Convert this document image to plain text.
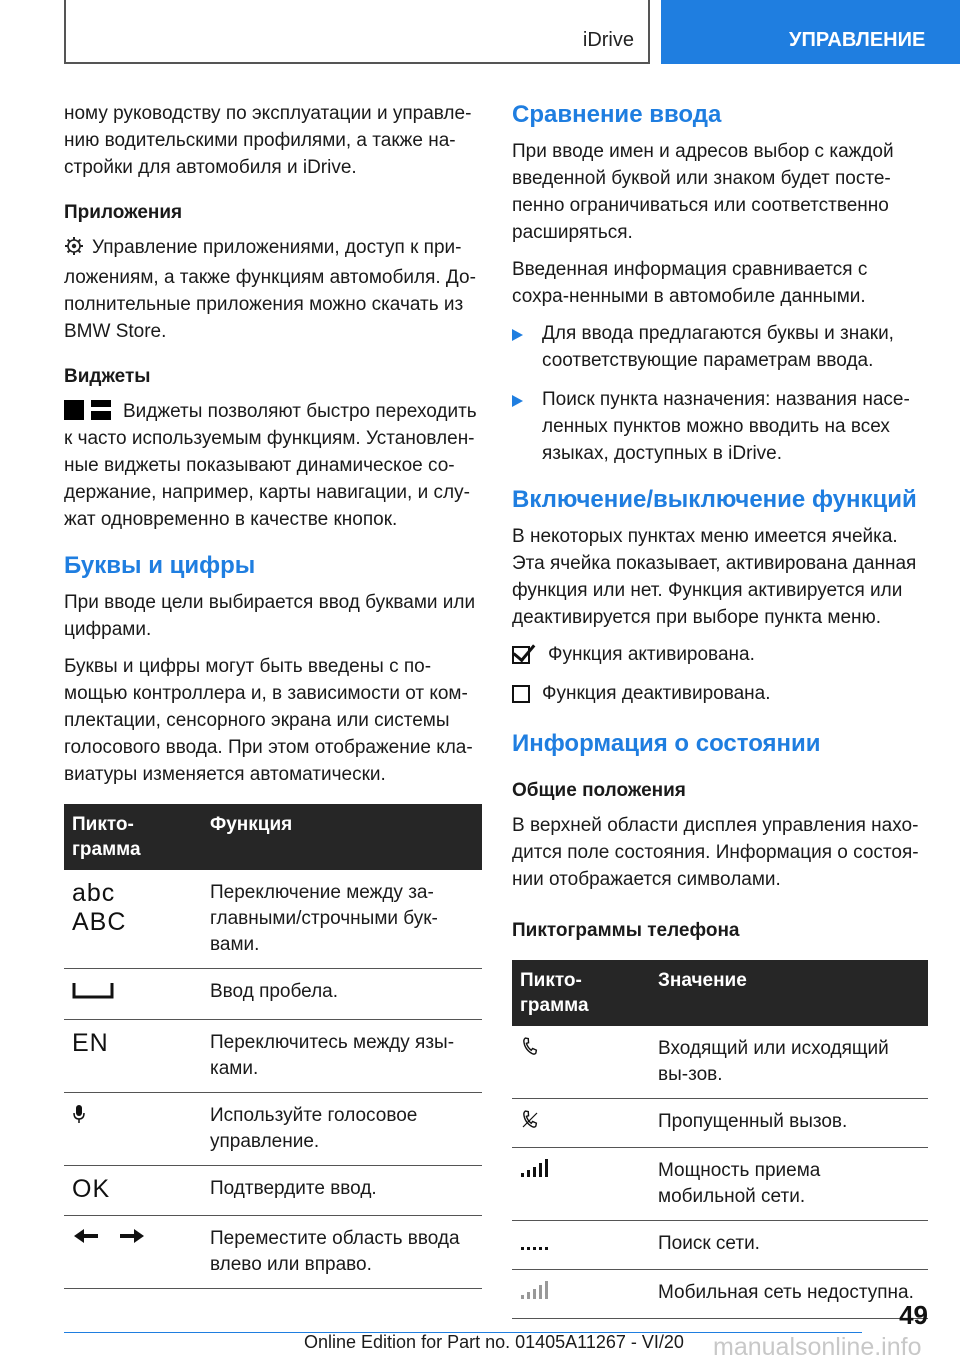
iDrive	УПРАВЛЕНИЕ

ному руководству по эксплуатации и управле-нию водительскими профилями, а также на-стройки для автомобиля и iDrive.

Приложения

Управление приложениями, доступ к при-ложениям, а также функциям автомобиля. До-полнительные приложения можно скачать из BMW Store.

Виджеты

Виджеты позволяют быстро переходить к часто используемым функциям. Установлен-ные виджеты показывают динамическое со-держание, например, карты навигации, и слу-жат одновременно в качестве кнопок.

Буквы и цифры

При вводе цели выбирается ввод буквами или цифрами.

Буквы и цифры могут быть введены с по-мощью контроллера и, в зависимости от ком-плектации, сенсорного экрана или системы голосового ввода. При этом отображение кла-виатуры изменяется автоматически.

Пикто-грамма	Функция
abcABC	Переключение между за-главными/строчными бук-вами.
	Ввод пробела.
EN	Переключитесь между язы-ками.
	Используйте голосовое управление.
OK	Подтвердите ввод.
	Переместите область ввода влево или вправо.
Сравнение ввода

При вводе имен и адресов выбор с каждой введенной буквой или знаком будет посте-пенно ограничиваться или соответственно расширяться.

Введенная информация сравнивается с сохра-ненными в автомобиле данными.

Для ввода предлагаются буквы и знаки, соответствующие параметрам ввода.
Поиск пункта назначения: названия насе-ленных пунктов можно вводить на всех языках, доступных в iDrive.
Включение/выключение функций

В некоторых пунктах меню имеется ячейка. Эта ячейка показывает, активирована данная функция или нет. Функция активируется или деактивируется при выборе пункта меню.

Функция активирована.
Функция деактивирована.
Информация о состоянии
Общие положения

В верхней области дисплея управления нахо-дится поле состояния. Информация о состоя-нии отображается символами.

Пиктограммы телефона
Пикто-грамма	Значение
	Входящий или исходящий вы-зов.
	Пропущенный вызов.
	Мощность приема мобильной сети.
	Поиск сети.
	Мобильная сеть недоступна.
49
Online Edition for Part no. 01405A11267 - VI/20 manualsonline.info
